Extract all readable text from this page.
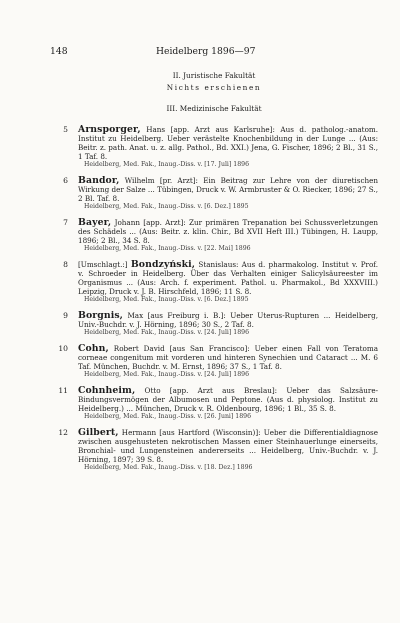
148	Heidelberg 1896—97
II. Juristische Fakultät
Nichts erschienen
III. Medizinische Fakultät
5 Arnsporger, Hans [app. Arzt aus Karlsruhe]: Aus d. patholog.-anatom. Institut zu Heidelberg. Ueber verästelte Knochenbildung in der Lunge ... (Aus: Beitr. z. path. Anat. u. z. allg. Pathol., Bd. XXI.) Jena, G. Fischer, 1896; 2 Bl., 31 S., 1 Taf. 8.
Heidelberg, Med. Fak., Inaug.-Diss. v. [17. Juli] 1896
6 Bandor, Wilhelm [pr. Arzt]: Ein Beitrag zur Lehre von der diuretischen Wirkung der Salze ... Tübingen, Druck v. W. Armbruster & O. Riecker, 1896; 27 S., 2 Bl. Taf. 8.
Heidelberg, Med. Fak., Inaug.-Diss. v. [6. Dez.] 1895
7 Bayer, Johann [app. Arzt]: Zur primären Trepanation bei Schussverletzungen des Schädels ... (Aus: Beitr. z. klin. Chir., Bd XVII Heft III.) Tübingen, H. Laupp, 1896; 2 Bl., 34 S. 8.
Heidelberg, Med. Fak., Inaug.-Diss. v. [22. Mai] 1896
8 [Umschlagt.:] Bondzyński, Stanislaus: Aus d. pharmakolog. Institut v. Prof. v. Schroeder in Heidelberg. Über das Verhalten einiger Salicylsäureester im Organismus ... (Aus: Arch. f. experiment. Pathol. u. Pharmakol., Bd XXXVIII.) Leipzig, Druck v. J. B. Hirschfeld, 1896; 11 S. 8.
Heidelberg, Med. Fak., Inaug.-Diss. v. [6. Dez.] 1895
9 Borgnis, Max [aus Freiburg i. B.]: Ueber Uterus-Rupturen ... Heidelberg, Univ.-Buchdr. v. J. Hörning, 1896; 30 S., 2 Taf. 8.
Heidelberg, Med. Fak., Inaug.-Diss. v. [24. Juli] 1896
10 Cohn, Robert David [aus San Francisco]: Ueber einen Fall von Teratoma corneae congenitum mit vorderen und hinteren Synechien und Cataract ... M. 6 Taf. München, Buchdr. v. M. Ernst, 1896; 37 S., 1 Taf. 8.
Heidelberg, Med. Fak., Inaug.-Diss. v. [24. Juli] 1896
11 Cohnheim, Otto [app. Arzt aus Breslau]: Ueber das Salzsäure-Bindungsvermögen der Albumosen und Peptone. (Aus d. physiolog. Institut zu Heidelberg.) ... München, Druck v. R. Oldenbourg, 1896; 1 Bl., 35 S. 8.
Heidelberg, Med. Fak., Inaug.-Diss. v. [26. Juni] 1896
12 Gilbert, Hermann [aus Hartford (Wisconsin)]: Ueber die Differentialdiagnose zwischen ausgehusteten nekrotischen Massen einer Steinhauerlunge einerseits, Bronchial- und Lungensteinen andererseits ... Heidelberg, Univ.-Buchdr. v. J. Hörning, 1897; 39 S. 8.
Heidelberg, Med. Fak., Inaug.-Diss. v. [18. Dez.] 1896
